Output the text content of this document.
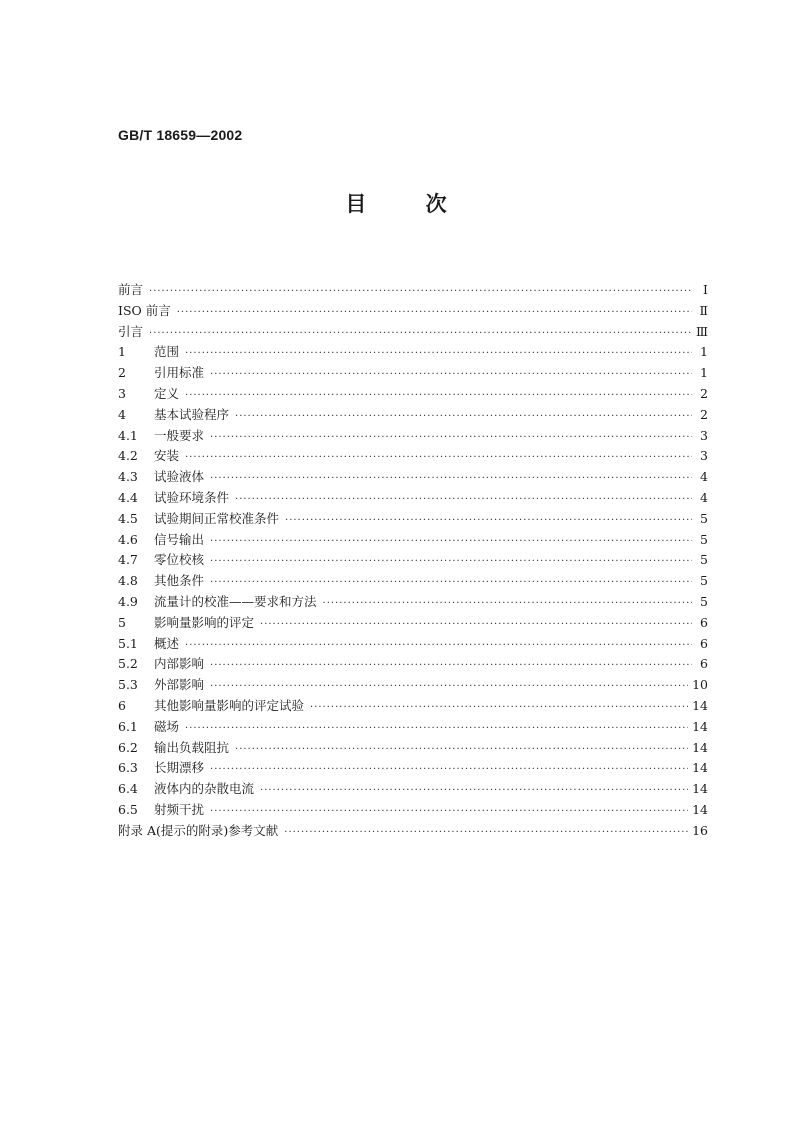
GB/T 18659—2002
目 次
前言 ·····	Ⅰ
ISO 前言 ·····	Ⅱ
引言 ·····	Ⅲ
1	范围 ·····	1
2	引用标准 ·····	1
3	定义 ·····	2
4	基本试验程序 ·····	2
4.1	一般要求 ·····	3
4.2	安装 ·····	3
4.3	试验液体 ·····	4
4.4	试验环境条件 ·····	4
4.5	试验期间正常校准条件 ·····	5
4.6	信号输出 ·····	5
4.7	零位校核 ·····	5
4.8	其他条件 ·····	5
4.9	流量计的校准——要求和方法 ·····	5
5	影响量影响的评定 ·····	6
5.1	概述 ·····	6
5.2	内部影响 ·····	6
5.3	外部影响 ·····	10
6	其他影响量影响的评定试验 ·····	14
6.1	磁场 ·····	14
6.2	输出负载阻抗 ·····	14
6.3	长期漂移 ·····	14
6.4	液体内的杂散电流 ·····	14
6.5	射频干扰 ·····	14
附录 A(提示的附录)参考文献 ·····	16
